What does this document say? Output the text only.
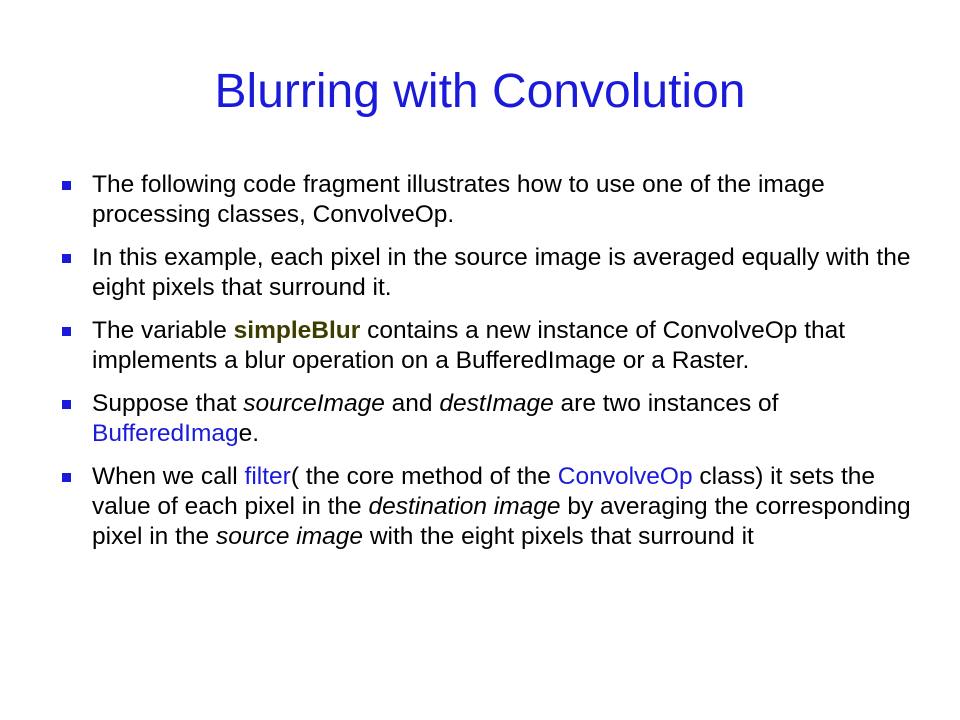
Blurring with Convolution
The following code fragment illustrates how to use one of the image processing classes, ConvolveOp.
In this example, each pixel in the source image is averaged equally with the eight pixels that surround it.
The variable simpleBlur contains a new instance of ConvolveOp that implements a blur operation on a BufferedImage or a Raster.
Suppose that sourceImage and destImage are two instances of BufferedImage.
When we call filter( the core method of the ConvolveOp class) it sets the value of each pixel in the destination image by averaging the corresponding pixel in the source image with the eight pixels that surround it
